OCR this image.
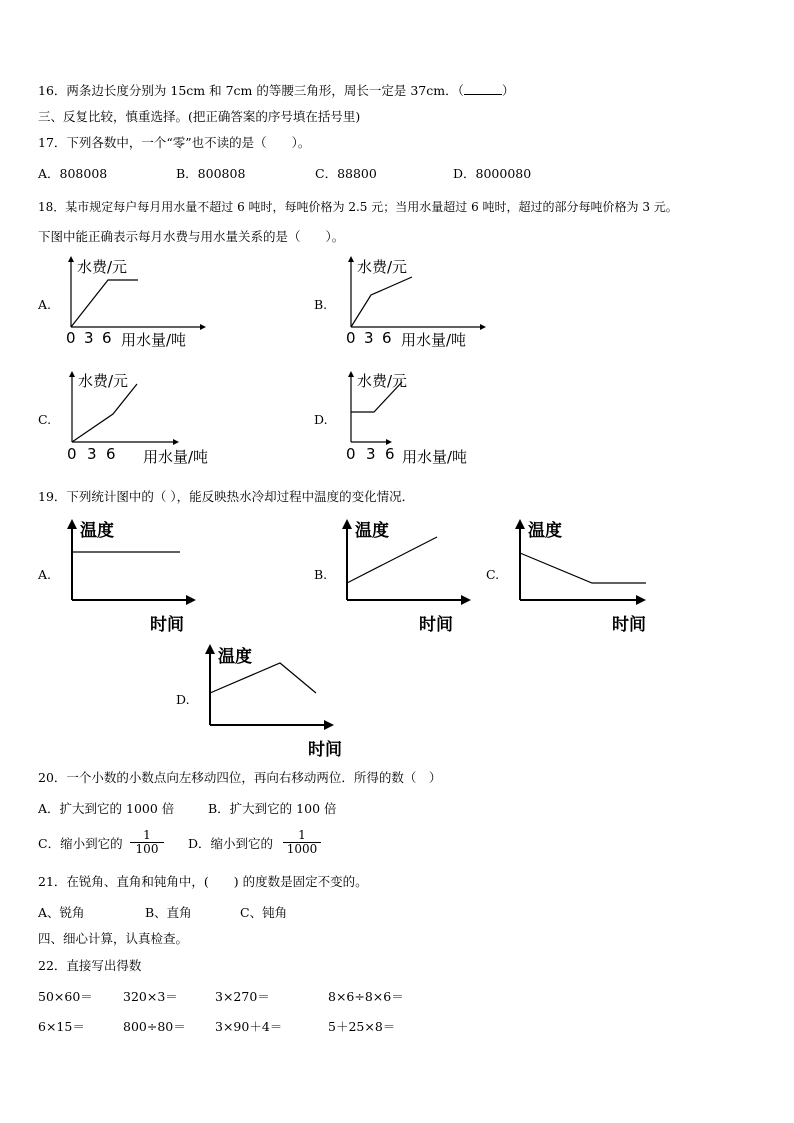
16．两条边长度分别为 15cm 和 7cm 的等腰三角形，周长一定是 37cm．（	）
三、反复比较，慎重选择。(把正确答案的序号填在括号里)
17．下列各数中，一个“零”也不读的是（　　）。
A．808008	B．800808	C．88800	D．8000080
18．某市规定每户每月用水量不超过 6 吨时，每吨价格为 2.5 元；当用水量超过 6 吨时，超过的部分每吨价格为 3 元。
下图中能正确表示每月水费与用水量关系的是（　　）。
A.	B.
C.	D.
水费/元
0 3 6 用水量/吨
水费/元
0 3 6 用水量/吨
水费/元
0 3 6 用水量/吨
水费/元
0 3 6 用水量/吨
19．下列统计图中的（ ），能反映热水冷却过程中温度的变化情况．
A.	B.	C.
D.
温度
时间
温度
时间
温度
时间
温度
时间
20．一个小数的小数点向左移动四位，再向右移动两位．所得的数（　）
A．扩大到它的 1000 倍	B．扩大到它的 100 倍
C．缩小到它的 $\frac{1}{100}$ D．缩小到它的 $\frac{1}{1000}$
21．在锐角、直角和钝角中，(　　) 的度数是固定不变的。
A、锐角	B、直角	C、钝角
四、细心计算，认真检查。
22．直接写出得数
50×60＝ 320×3＝	3×270＝	8×6÷8×6＝
6×15＝	800÷80＝ 3×90＋4＝	5＋25×8＝
